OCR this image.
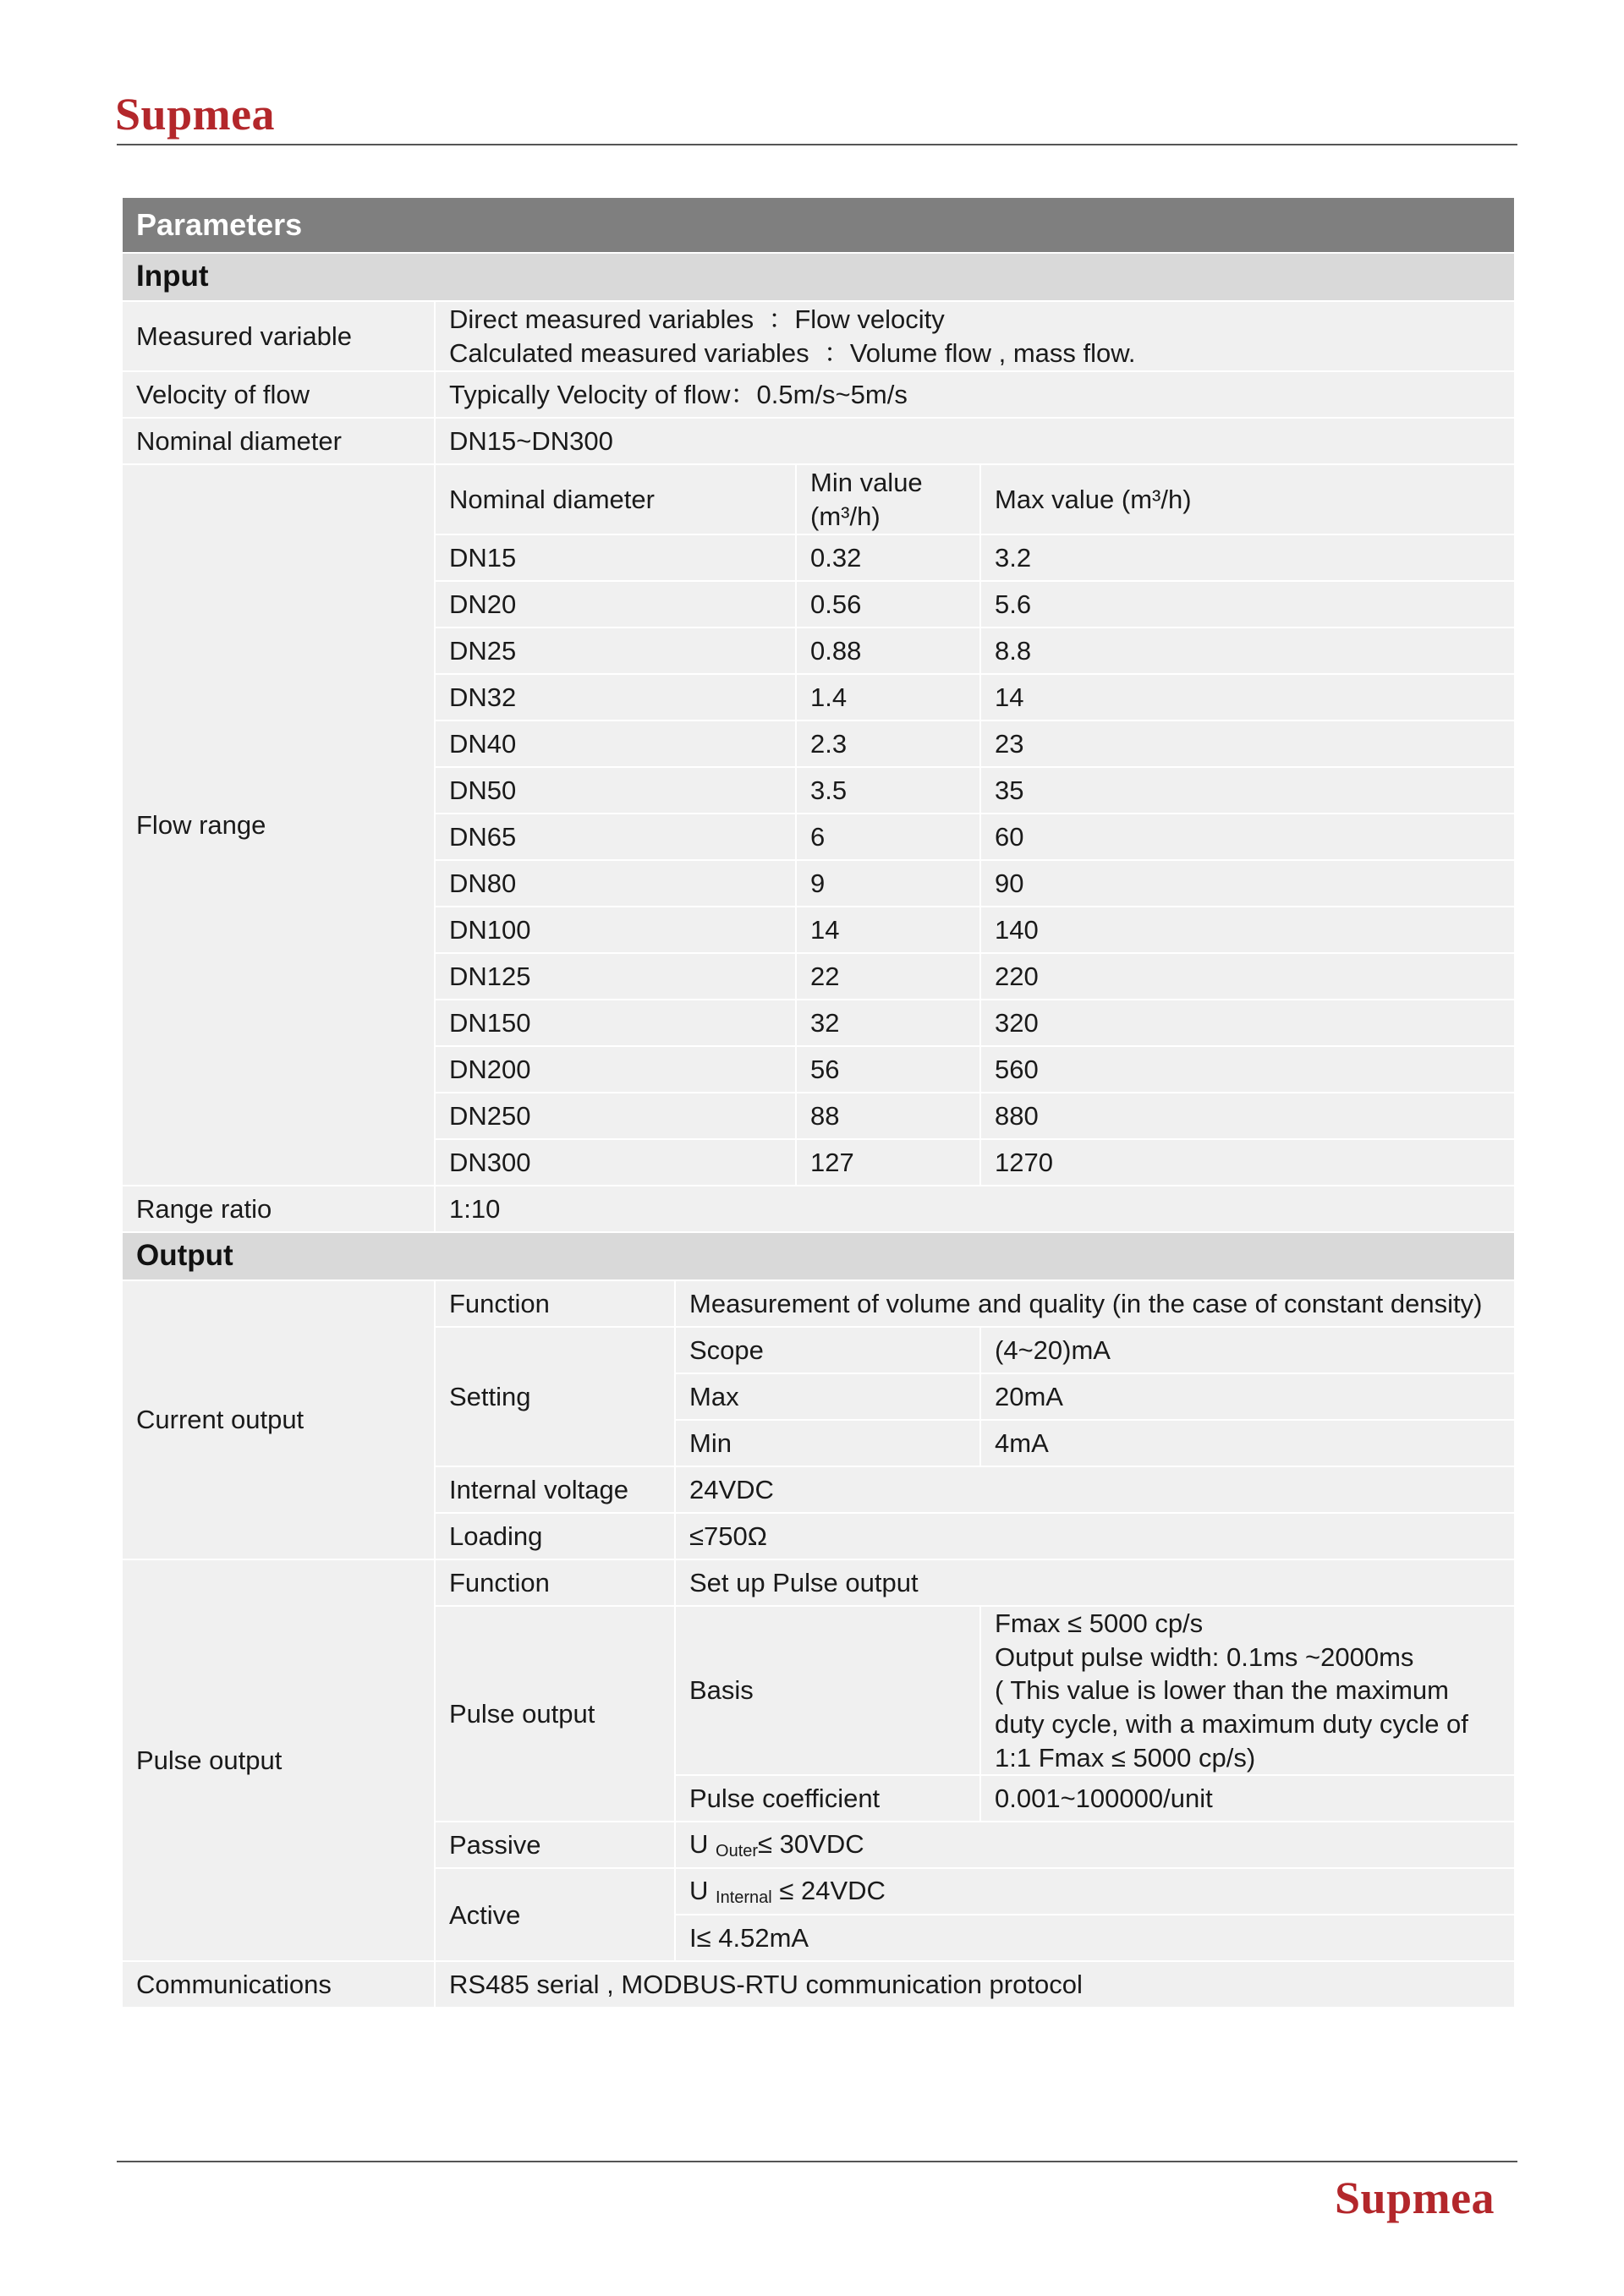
Supmea
Parameters				
Input				
Measured variable	Direct measured variables  ：Flow velocity
Calculated measured variables  ：Volume flow , mass flow.			

Velocity of flow	Typically Velocity of flow：0.5m/s~5m/s			
Nominal diameter	DN15~DN300			
Flow range	Nominal diameter		Min value (m³/h)	Max value (m³/h)
	DN15		0.32	3.2
	DN20		0.56	5.6
	DN25		0.88	8.8
	DN32		1.4	14
	DN40		2.3	23
	DN50		3.5	35
	DN65		6	60
	DN80		9	90
	DN100		14	140
	DN125		22	220
	DN150		32	320
	DN200		56	560
	DN250		88	880
	DN300		127	1270
Range ratio	1:10			
Output				
Current output	Function	Measurement of volume and quality (in the case of constant density)		
	Setting	Scope		(4~20)mA
		Max		20mA
		Min		4mA
	Internal voltage	24VDC		
	Loading	≤750Ω		
Pulse output	Function	Set up Pulse output		
	Pulse output	Basis		Fmax ≤ 5000 cp/s
Output pulse width: 0.1ms ~2000ms
( This value is lower than the maximum duty cycle, with a maximum duty cycle of 1:1 Fmax ≤ 5000 cp/s)

		Pulse coefficient		0.001~100000/unit
	Passive	U $_{Outer}$≤ 30VDC		
	Active	U $_{Internal}$ ≤ 24VDC		
		I≤ 4.52mA		
Communications	RS485 serial , MODBUS-RTU communication protocol			
Supmea
